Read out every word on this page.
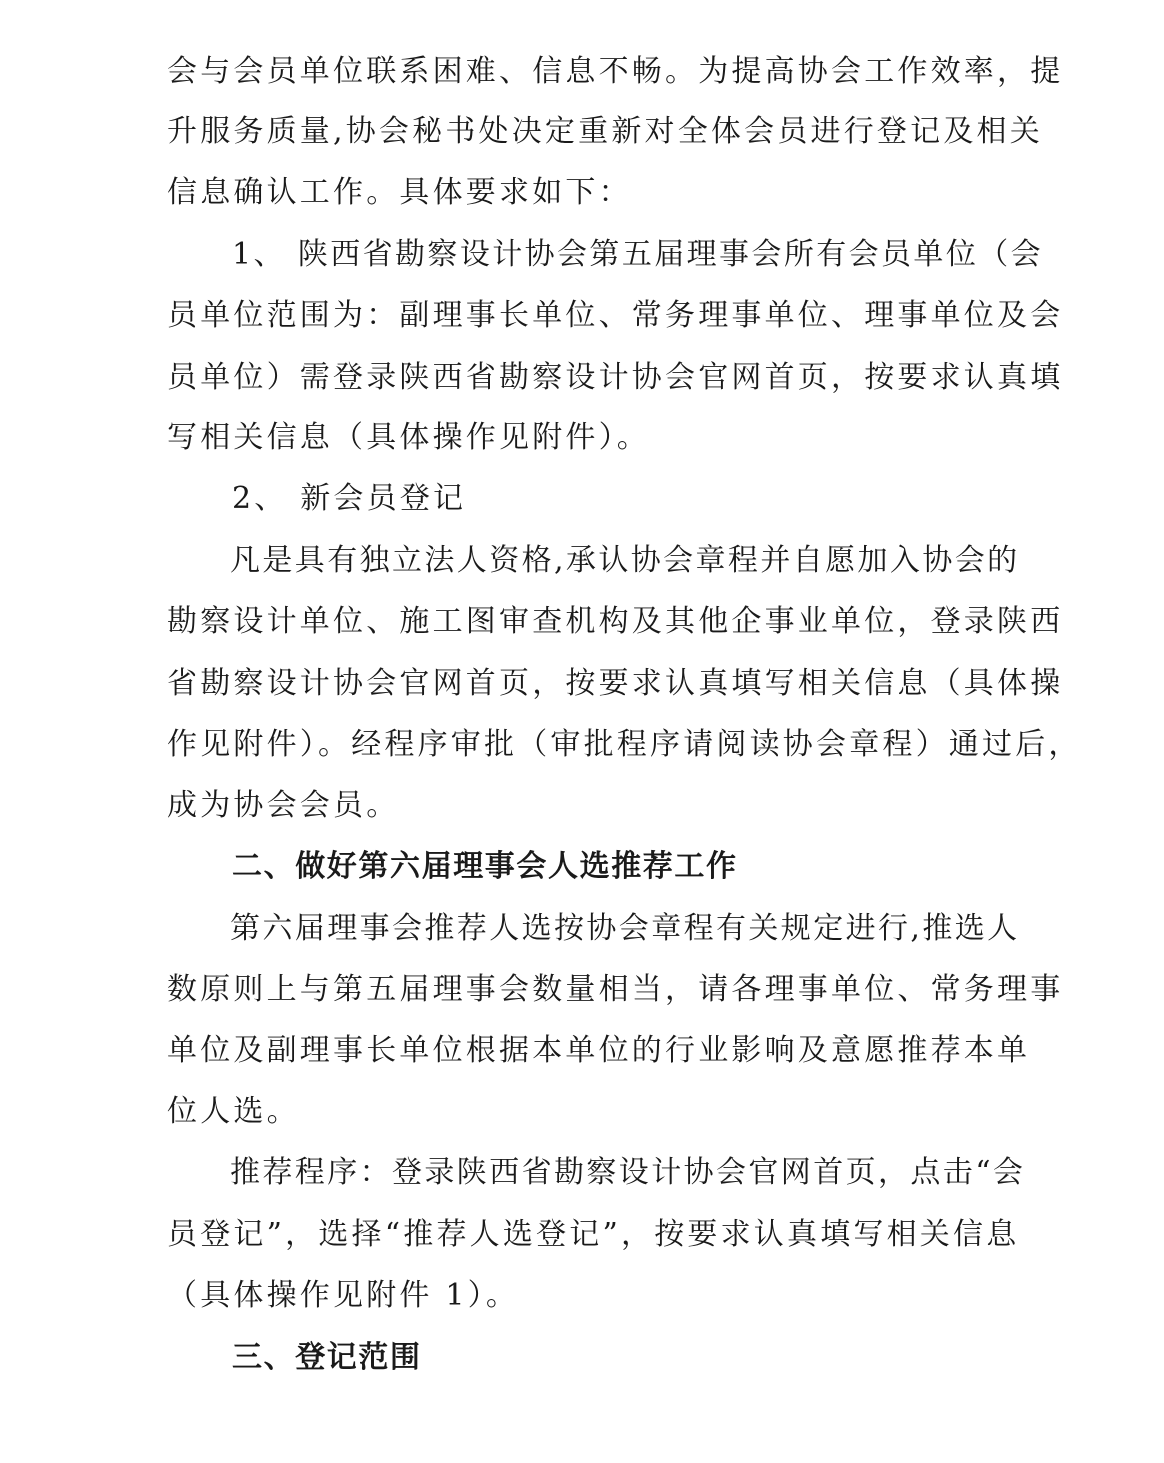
会与会员单位联系困难、信息不畅。为提高协会工作效率，提
升服务质量,协会秘书处决定重新对全体会员进行登记及相关
信息确认工作。具体要求如下：
1、 陕西省勘察设计协会第五届理事会所有会员单位（会
员单位范围为：副理事长单位、常务理事单位、理事单位及会
员单位）需登录陕西省勘察设计协会官网首页，按要求认真填
写相关信息（具体操作见附件）。
2、 新会员登记
凡是具有独立法人资格,承认协会章程并自愿加入协会的
勘察设计单位、施工图审查机构及其他企事业单位，登录陕西
省勘察设计协会官网首页，按要求认真填写相关信息（具体操
作见附件）。经程序审批（审批程序请阅读协会章程）通过后，
成为协会会员。
二、做好第六届理事会人选推荐工作
第六届理事会推荐人选按协会章程有关规定进行,推选人
数原则上与第五届理事会数量相当，请各理事单位、常务理事
单位及副理事长单位根据本单位的行业影响及意愿推荐本单
位人选。
推荐程序：登录陕西省勘察设计协会官网首页，点击“会
员登记”，选择“推荐人选登记”，按要求认真填写相关信息
（具体操作见附件 1）。
三、登记范围
